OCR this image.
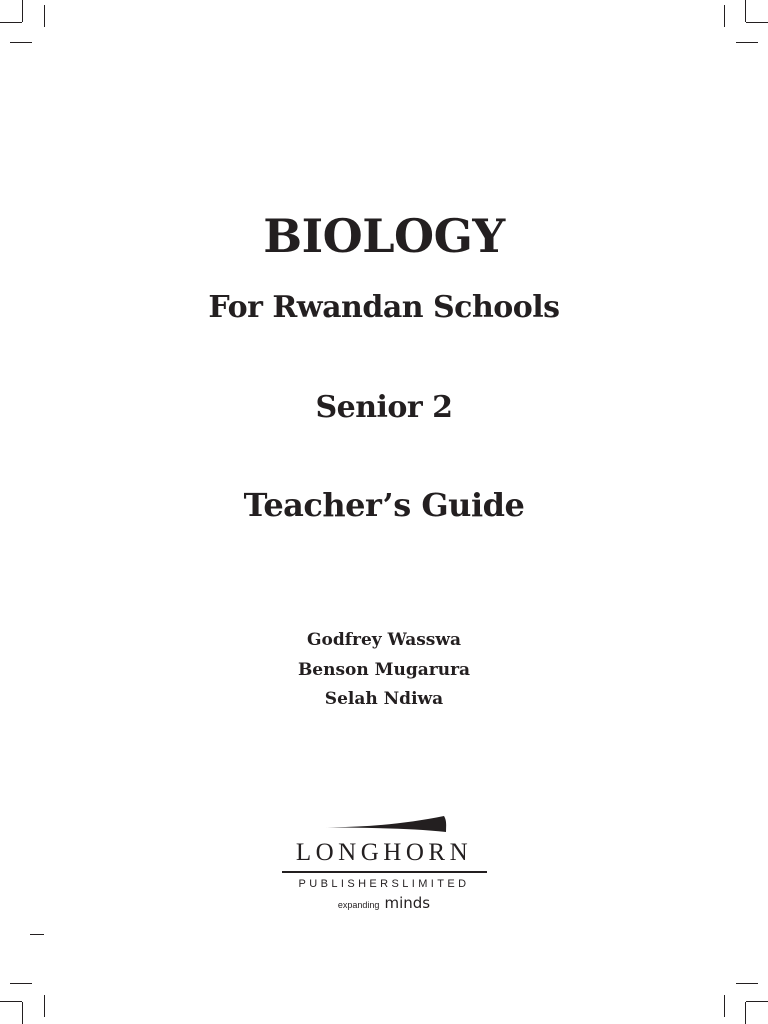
BIOLOGY
For Rwandan Schools
Senior 2
Teacher’s Guide
Godfrey Wasswa
Benson Mugarura
Selah Ndiwa
LONGHORN
PUBLISHERSLIMITED
expanding minds
